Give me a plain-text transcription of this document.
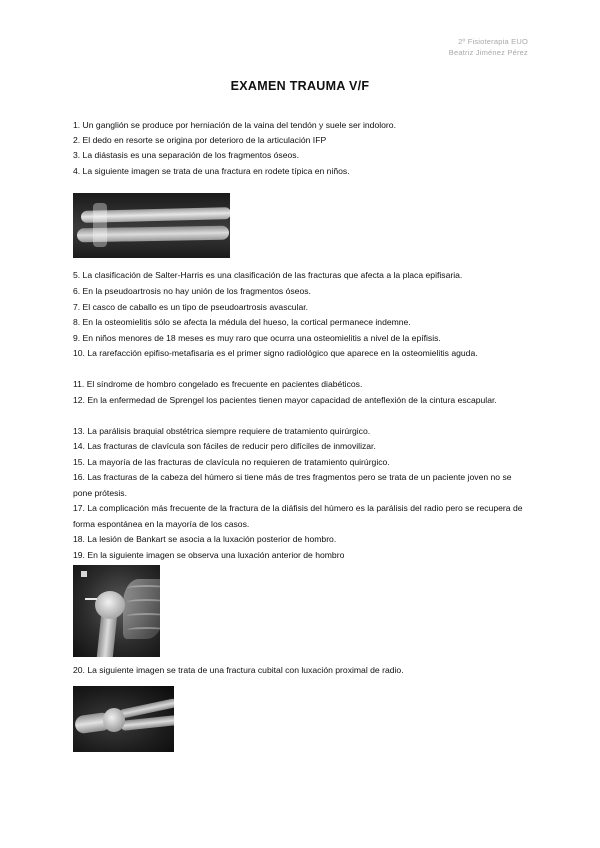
2º Fisioterapia EUO
Beatriz Jiménez Pérez
EXAMEN TRAUMA V/F
1. Un ganglión se produce por herniación de la vaina del tendón y suele ser indoloro.
2. El dedo en resorte se origina por deterioro de la articulación IFP
3. La diástasis es una separación de los fragmentos óseos.
4. La siguiente imagen se trata de una fractura en rodete típica en niños.
5. La clasificación de Salter-Harris es una clasificación de las fracturas que afecta a la placa epifisaria.
6. En la pseudoartrosis no hay unión de los fragmentos óseos.
7. El casco de caballo es un tipo de pseudoartrosis avascular.
8. En la osteomielitis sólo se afecta la médula del hueso, la cortical permanece indemne.
9. En niños menores de 18 meses es muy raro que ocurra una osteomielitis a nivel de la epífisis.
10. La rarefacción epifiso-metafisaria es el primer signo radiológico que aparece en la osteomielitis aguda.
11. El síndrome de hombro congelado es frecuente en pacientes diabéticos.
12. En la enfermedad de Sprengel los pacientes tienen mayor capacidad de anteflexión de la cintura escapular.
13. La parálisis braquial obstétrica siempre requiere de tratamiento quirúrgico.
14. Las fracturas de clavícula son fáciles de reducir pero difíciles de inmovilizar.
15. La mayoría de las fracturas de clavícula no requieren de tratamiento quirúrgico.
16. Las fracturas de la cabeza del húmero si tiene más de tres fragmentos pero se trata de un paciente joven no se pone prótesis.
17. La complicación más frecuente de la fractura de la diáfisis del húmero es la parálisis del radio pero se recupera de forma espontánea en la mayoría de los casos.
18. La lesión de Bankart se asocia a la luxación posterior de hombro.
19. En la siguiente imagen se observa una luxación anterior de hombro
20. La siguiente imagen se trata de una fractura cubital con luxación proximal de radio.
